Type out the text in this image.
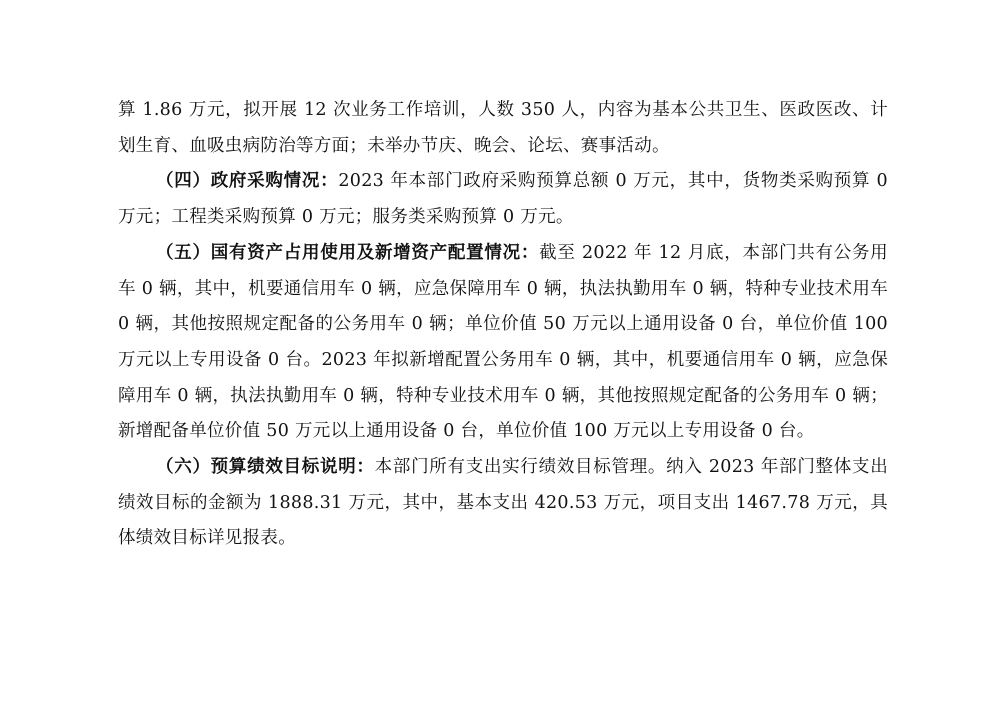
算 1.86 万元，拟开展 12 次业务工作培训，人数 350 人，内容为基本公共卫生、医政医改、计划生育、血吸虫病防治等方面；未举办节庆、晚会、论坛、赛事活动。

（四）政府采购情况：2023 年本部门政府采购预算总额 0 万元，其中，货物类采购预算 0 万元；工程类采购预算 0 万元；服务类采购预算 0 万元。

（五）国有资产占用使用及新增资产配置情况：截至 2022 年 12 月底，本部门共有公务用车 0 辆，其中，机要通信用车 0 辆，应急保障用车 0 辆，执法执勤用车 0 辆，特种专业技术用车 0 辆，其他按照规定配备的公务用车 0 辆；单位价值 50 万元以上通用设备 0 台，单位价值 100 万元以上专用设备 0 台。2023 年拟新增配置公务用车 0 辆，其中，机要通信用车 0 辆，应急保障用车 0 辆，执法执勤用车 0 辆，特种专业技术用车 0 辆，其他按照规定配备的公务用车 0 辆；新增配备单位价值 50 万元以上通用设备 0 台，单位价值 100 万元以上专用设备 0 台。

（六）预算绩效目标说明：本部门所有支出实行绩效目标管理。纳入 2023 年部门整体支出绩效目标的金额为 1888.31 万元，其中，基本支出 420.53 万元，项目支出 1467.78 万元，具体绩效目标详见报表。
